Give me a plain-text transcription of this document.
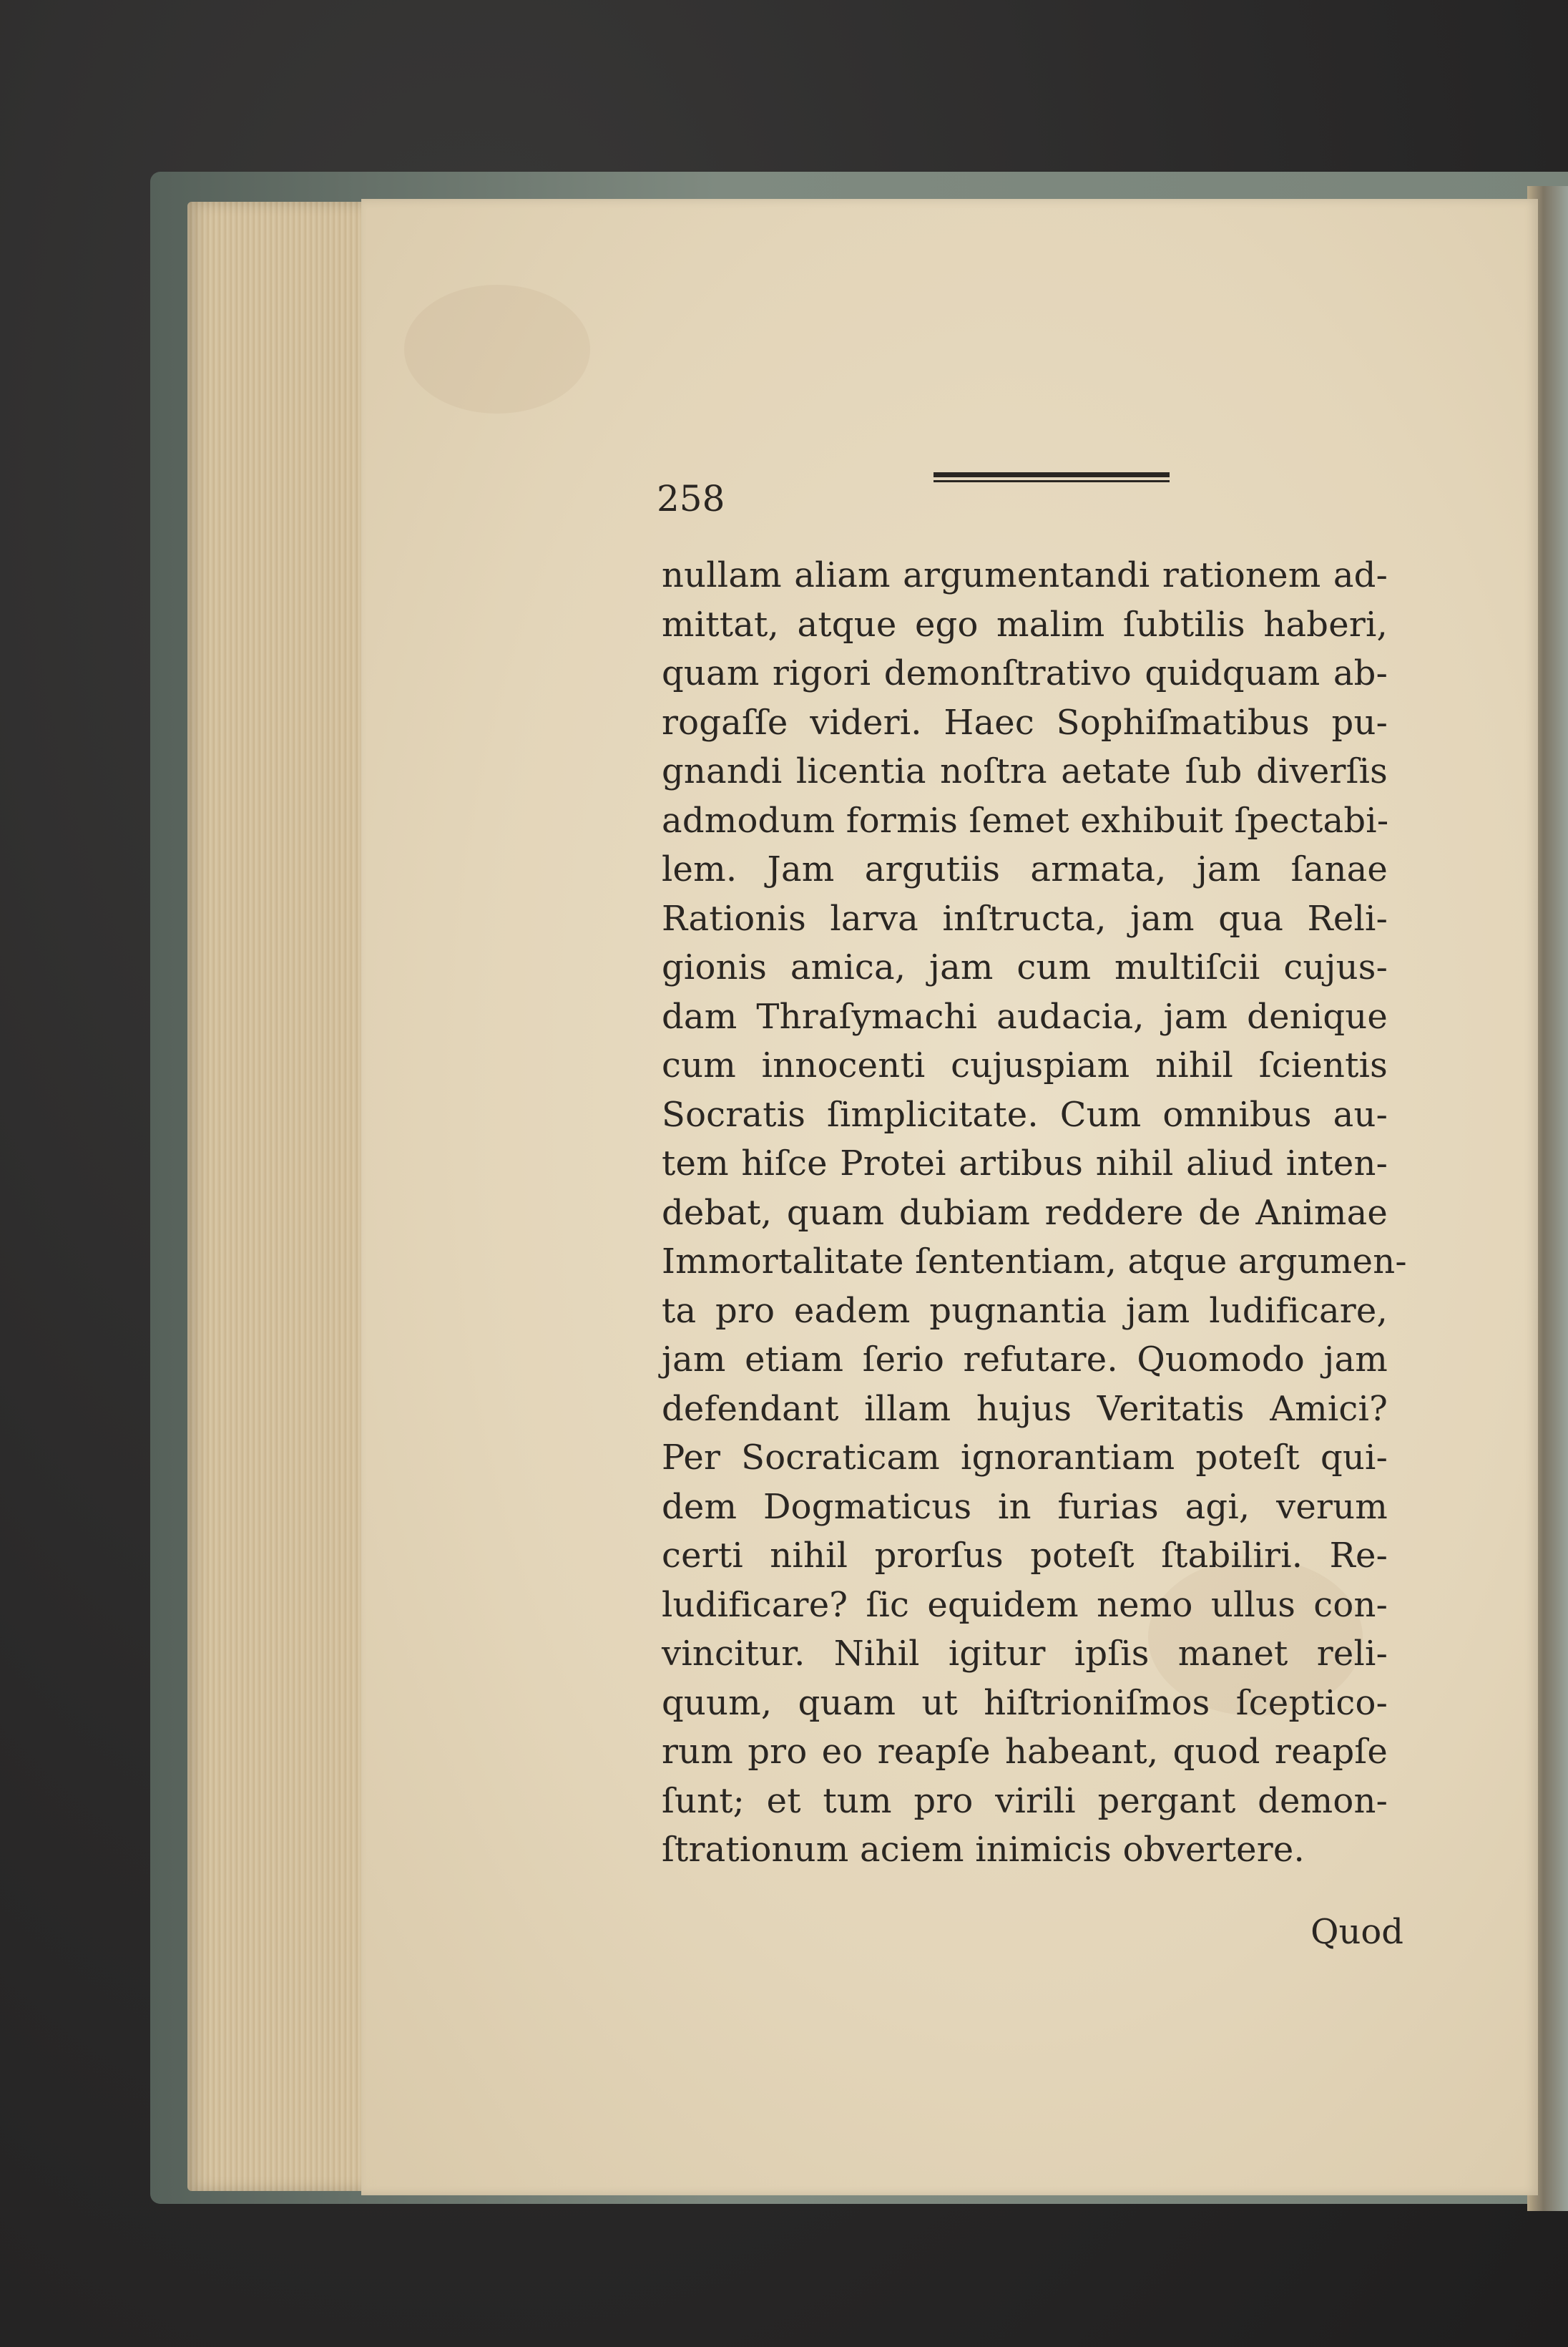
258
nullam aliam argumentandi rationem ad-
mittat, atque ego malim ſubtilis haberi,
quam rigori demonſtrativo quidquam ab-
rogaſſe videri. Haec Sophiſmatibus pu-
gnandi licentia noſtra aetate ſub diverſis
admodum formis ſemet exhibuit ſpectabi-
lem. Jam argutiis armata, jam ſanae
Rationis larva inſtructa, jam qua Reli-
gionis amica, jam cum multiſcii cujus-
dam Thraſymachi audacia, jam denique
cum innocenti cujuspiam nihil ſcientis
Socratis ſimplicitate. Cum omnibus au-
tem hiſce Protei artibus nihil aliud inten-
debat, quam dubiam reddere de Animae
Immortalitate ſententiam, atque argumen-
ta pro eadem pugnantia jam ludificare,
jam etiam ſerio refutare. Quomodo jam
defendant illam hujus Veritatis Amici?
Per Socraticam ignorantiam poteſt qui-
dem Dogmaticus in furias agi, verum
certi nihil prorſus poteſt ſtabiliri. Re-
ludificare? ſic equidem nemo ullus con-
vincitur. Nihil igitur ipſis manet reli-
quum, quam ut hiſtrioniſmos ſceptico-
rum pro eo reapſe habeant, quod reapſe
ſunt; et tum pro virili pergant demon-
ſtrationum aciem inimicis obvertere.
Quod
